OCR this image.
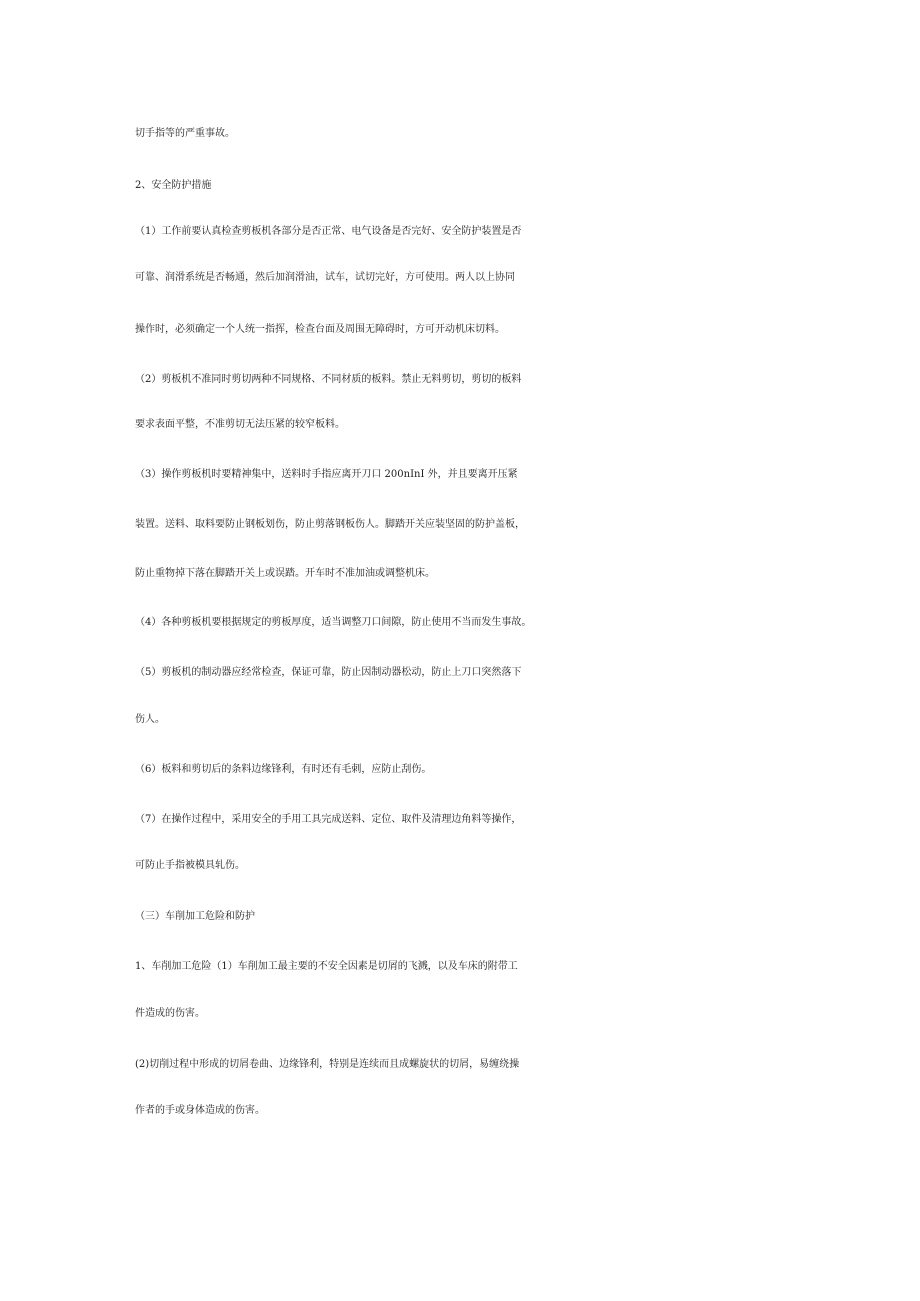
切手指等的严重事故。
2、安全防护措施
（1）工作前要认真检查剪板机各部分是否正常、电气设备是否完好、安全防护装置是否
可靠、润滑系统是否畅通，然后加润滑油，试车，试切完好，方可使用。两人以上协同
操作时，必须确定一个人统一指挥，检查台面及周围无障碍时，方可开动机床切料。
（2）剪板机不准同时剪切两种不同规格、不同材质的板料。禁止无料剪切，剪切的板料
要求表面平整，不准剪切无法压紧的较窄板料。
（3）操作剪板机时要精神集中，送料时手指应离开刀口 200nInI 外，并且要离开压紧
装置。送料、取料要防止钢板划伤，防止剪落钢板伤人。脚踏开关应装坚固的防护盖板，
防止重物掉下落在脚踏开关上或误踏。开车时不准加油或调整机床。
（4）各种剪板机要根据规定的剪板厚度，适当调整刀口间隙，防止使用不当而发生事故。
（5）剪板机的制动器应经常检查，保证可靠，防止因制动器松动，防止上刀口突然落下
伤人。
（6）板料和剪切后的条料边缘锋利，有时还有毛刺，应防止刮伤。
（7）在操作过程中，采用安全的手用工具完成送料、定位、取件及清理边角料等操作，
可防止手指被模具轧伤。
（三）车削加工危险和防护
1、车削加工危险（1）车削加工最主要的不安全因素是切屑的飞溅，以及车床的附带工
件造成的伤害。
(2)切削过程中形成的切屑卷曲、边缘锋利，特别是连续而且成螺旋状的切屑，易缠绕操
作者的手或身体造成的伤害。
